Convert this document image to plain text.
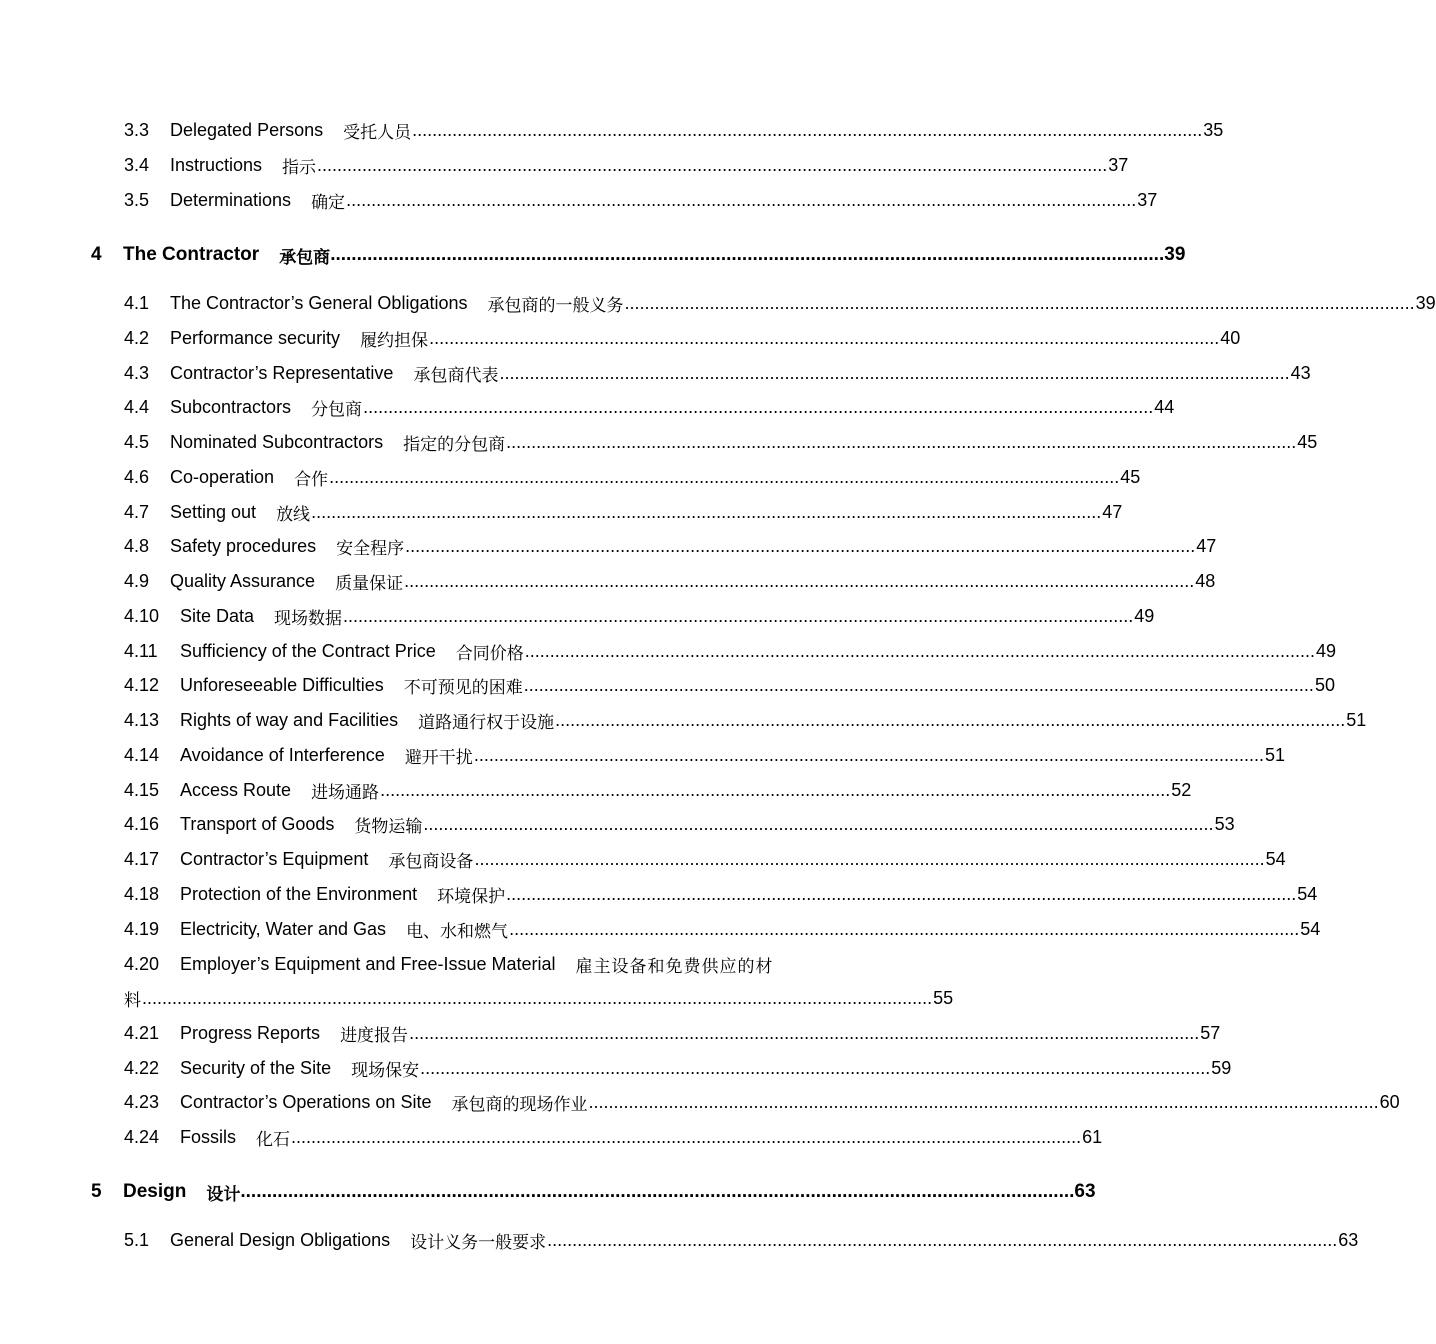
3.3	Delegated Persons 受托人员 .............................................................................................................................................................. 35
3.4	Instructions 指示 .............................................................................................................................................................. 37
3.5	Determinations 确定 .............................................................................................................................................................. 37
4	The Contractor 承包商 .............................................................................................................................................................. 39
4.1	The Contractor’s General Obligations 承包商的一般义务 .............................................................................................................................................................. 39
4.2	Performance security 履约担保 .............................................................................................................................................................. 40
4.3	Contractor’s Representative 承包商代表 .............................................................................................................................................................. 43
4.4	Subcontractors 分包商 .............................................................................................................................................................. 44
4.5	Nominated Subcontractors 指定的分包商 .............................................................................................................................................................. 45
4.6	Co-operation 合作 .............................................................................................................................................................. 45
4.7	Setting out 放线 .............................................................................................................................................................. 47
4.8	Safety procedures 安全程序 .............................................................................................................................................................. 47
4.9	Quality Assurance 质量保证 .............................................................................................................................................................. 48
4.10	Site Data 现场数据 .............................................................................................................................................................. 49
4.11	Sufficiency of the Contract Price 合同价格 .............................................................................................................................................................. 49
4.12	Unforeseeable Difficulties 不可预见的困难 .............................................................................................................................................................. 50
4.13	Rights of way and Facilities 道路通行权于设施 .............................................................................................................................................................. 51
4.14	Avoidance of Interference 避开干扰 .............................................................................................................................................................. 51
4.15	Access Route 进场通路 .............................................................................................................................................................. 52
4.16	Transport of Goods 货物运输 .............................................................................................................................................................. 53
4.17	Contractor’s Equipment 承包商设备 .............................................................................................................................................................. 54
4.18	Protection of the Environment 环境保护 .............................................................................................................................................................. 54
4.19	Electricity, Water and Gas 电、水和燃气 .............................................................................................................................................................. 54
4.20	Employer’s Equipment and Free-Issue Material 雇主设备和免费供应的材
料 .............................................................................................................................................................. 55
4.21	Progress Reports 进度报告 .............................................................................................................................................................. 57
4.22	Security of the Site 现场保安 .............................................................................................................................................................. 59
4.23	Contractor’s Operations on Site 承包商的现场作业 .............................................................................................................................................................. 60
4.24	Fossils 化石 .............................................................................................................................................................. 61
5	Design 设计 .............................................................................................................................................................. 63
5.1	General Design Obligations 设计义务一般要求 .............................................................................................................................................................. 63
